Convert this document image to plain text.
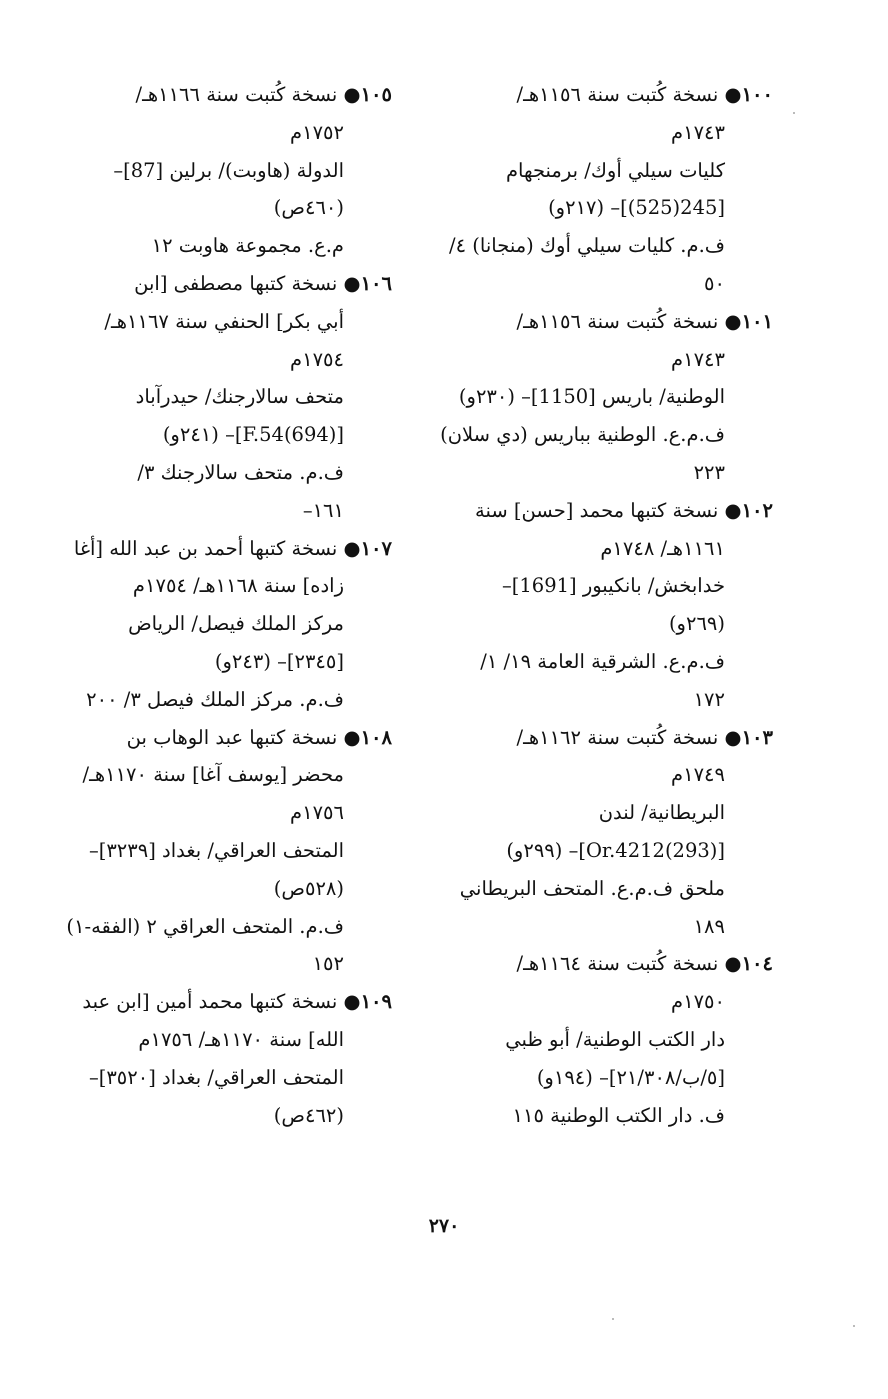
١٠٠● نسخة كُتبت سنة ١١٥٦هـ/
١٧٤٣م
كليات سيلي أوك/ برمنجهام
[245(525)]– (٢١٧و)
ف.م. كليات سيلي أوك (منجانا) ٤/
٥٠
١٠١● نسخة كُتبت سنة ١١٥٦هـ/
١٧٤٣م
الوطنية/ باريس [1150]– (٢٣٠و)
ف.م.ع. الوطنية بباريس (دي سلان)
٢٢٣
١٠٢● نسخة كتبها محمد [حسن] سنة
١١٦١هـ/ ١٧٤٨م
خدابخش/ بانكيبور [1691]–
(٢٦٩و)
ف.م.ع. الشرقية العامة ١٩/ ١/
١٧٢
١٠٣● نسخة كُتبت سنة ١١٦٢هـ/
١٧٤٩م
البريطانية/ لندن
[(293)Or.4212]– (٢٩٩و)
ملحق ف.م.ع. المتحف البريطاني
١٨٩
١٠٤● نسخة كُتبت سنة ١١٦٤هـ/
١٧٥٠م
دار الكتب الوطنية/ أبو ظبي
[٥/ب/٢١/٣٠٨]– (١٩٤و)
ف. دار الكتب الوطنية ١١٥
١٠٥● نسخة كُتبت سنة ١١٦٦هـ/
١٧٥٢م
الدولة (هاوبت)/ برلين [87]–
(٤٦٠ص)
م.ع. مجموعة هاوبت ١٢
١٠٦● نسخة كتبها مصطفى [ابن
أبي بكر] الحنفي سنة ١١٦٧هـ/
١٧٥٤م
متحف سالارجنك/ حيدرآباد
[F.54(694)]– (٢٤١و)
ف.م. متحف سالارجنك ٣/
١٦١–
١٠٧● نسخة كتبها أحمد بن عبد الله [أغا
زاده] سنة ١١٦٨هـ/ ١٧٥٤م
مركز الملك فيصل/ الرياض
[٢٣٤٥]– (٢٤٣و)
ف.م. مركز الملك فيصل ٣/ ٢٠٠
١٠٨● نسخة كتبها عبد الوهاب بن
محضر [يوسف آغا] سنة ١١٧٠هـ/
١٧٥٦م
المتحف العراقي/ بغداد [٣٢٣٩]–
(٥٢٨ص)
ف.م. المتحف العراقي ٢ (الفقه-١)
١٥٢
١٠٩● نسخة كتبها محمد أمين [ابن عبد
الله] سنة ١١٧٠هـ/ ١٧٥٦م
المتحف العراقي/ بغداد [٣٥٢٠]–
(٤٦٢ص)
٢٧٠
